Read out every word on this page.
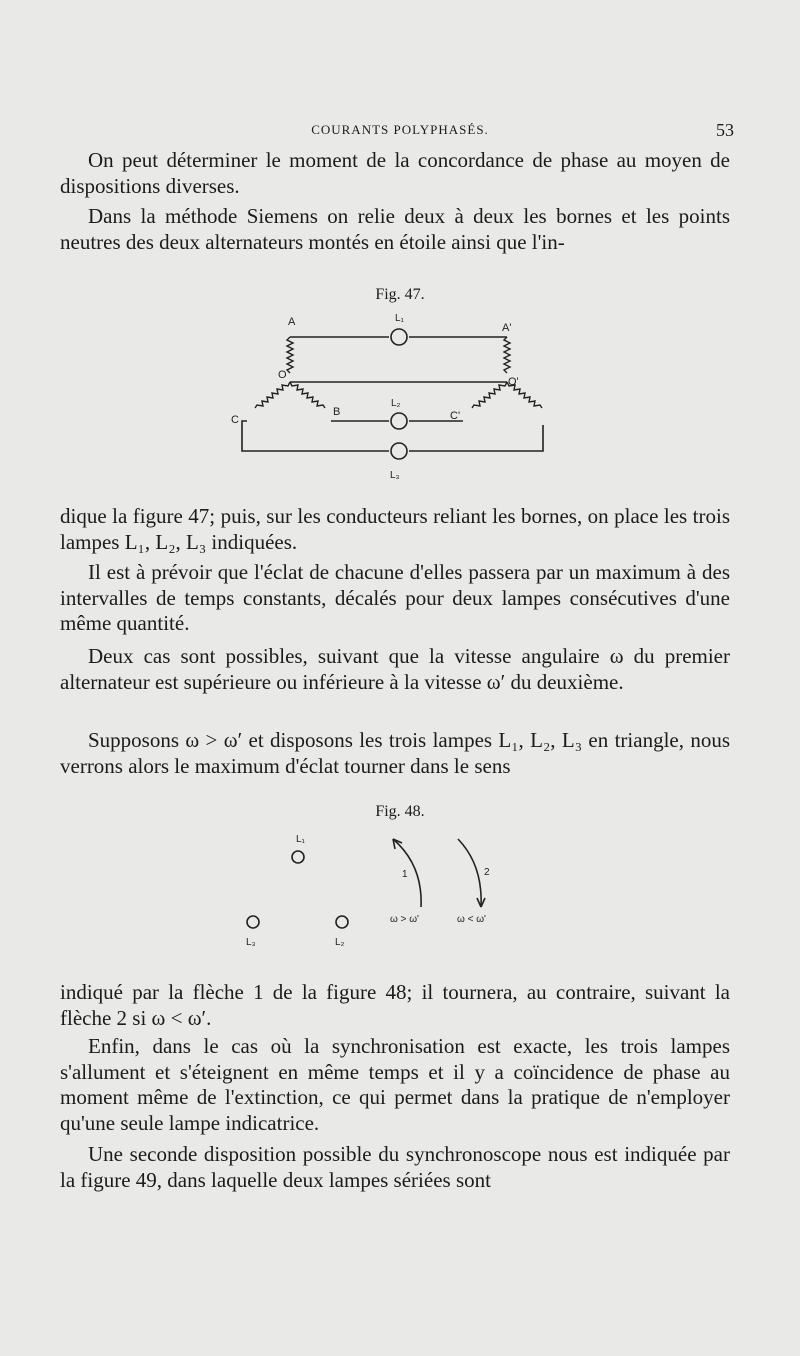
COURANTS POLYPHASÉS.	53

On peut déterminer le moment de la concordance de phase au moyen de dispositions diverses.

Dans la méthode Siemens on relie deux à deux les bornes et les points neutres des deux alternateurs montés en étoile ainsi que l'in-

Fig. 47.
A	A'
O
O'
B
C	C'
L₁
L₂
L₃

dique la figure 47; puis, sur les conducteurs reliant les bornes, on place les trois lampes L₁, L₂, L₃ indiquées.

Il est à prévoir que l'éclat de chacune d'elles passera par un maximum à des intervalles de temps constants, décalés pour deux lampes consécutives d'une même quantité.

Deux cas sont possibles, suivant que la vitesse angulaire ω du premier alternateur est supérieure ou inférieure à la vitesse ω′ du deuxième.

Supposons ω > ω′ et disposons les trois lampes L₁, L₂, L₃ en triangle, nous verrons alors le maximum d'éclat tourner dans le sens

Fig. 48.
L₁
L₃	L₂
1	2
ω > ω'	ω < ω'

indiqué par la flèche 1 de la figure 48; il tournera, au contraire, suivant la flèche 2 si ω < ω′.

Enfin, dans le cas où la synchronisation est exacte, les trois lampes s'allument et s'éteignent en même temps et il y a coïncidence de phase au moment même de l'extinction, ce qui permet dans la pratique de n'employer qu'une seule lampe indicatrice.

Une seconde disposition possible du synchronoscope nous est indiquée par la figure 49, dans laquelle deux lampes sériées sont
